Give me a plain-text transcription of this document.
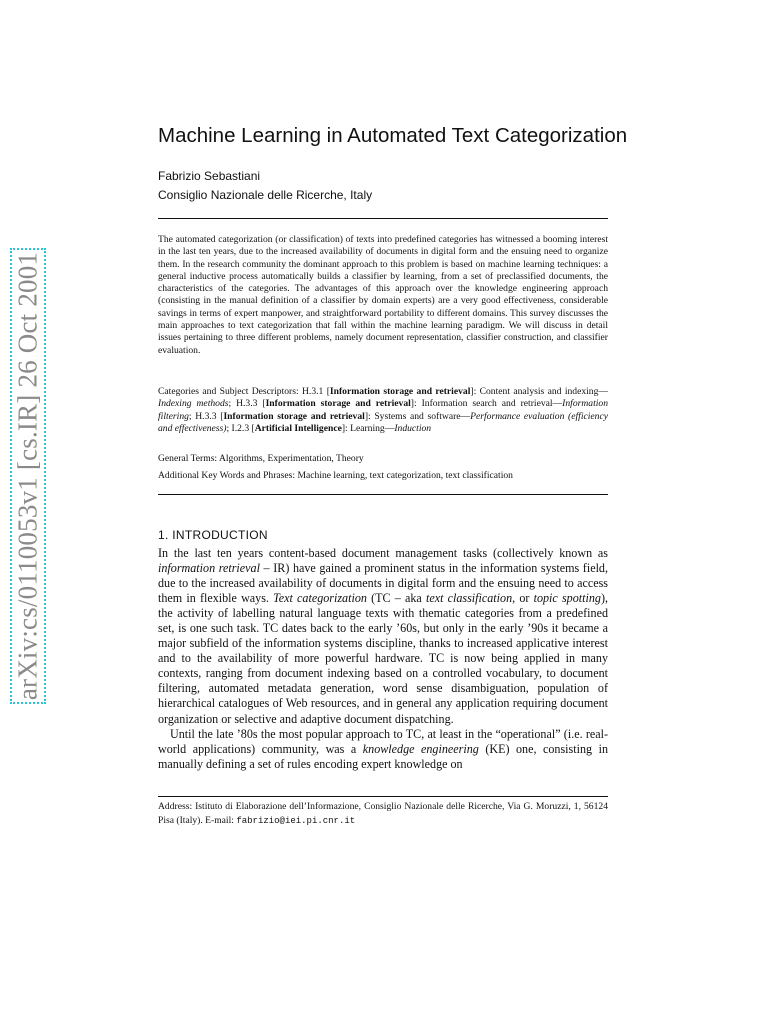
arXiv:cs/0110053v1 [cs.IR] 26 Oct 2001
Machine Learning in Automated Text Categorization
Fabrizio Sebastiani
Consiglio Nazionale delle Ricerche, Italy
The automated categorization (or classification) of texts into predefined categories has witnessed a booming interest in the last ten years, due to the increased availability of documents in digital form and the ensuing need to organize them. In the research community the dominant approach to this problem is based on machine learning techniques: a general inductive process automatically builds a classifier by learning, from a set of preclassified documents, the characteristics of the categories. The advantages of this approach over the knowledge engineering approach (consisting in the manual definition of a classifier by domain experts) are a very good effectiveness, considerable savings in terms of expert manpower, and straightforward portability to different domains. This survey discusses the main approaches to text categorization that fall within the machine learning paradigm. We will discuss in detail issues pertaining to three different problems, namely document representation, classifier construction, and classifier evaluation.
Categories and Subject Descriptors: H.3.1 [Information storage and retrieval]: Content analysis and indexing—Indexing methods; H.3.3 [Information storage and retrieval]: Information search and retrieval—Information filtering; H.3.3 [Information storage and retrieval]: Systems and software—Performance evaluation (efficiency and effectiveness); I.2.3 [Artificial Intelligence]: Learning—Induction
General Terms: Algorithms, Experimentation, Theory
Additional Key Words and Phrases: Machine learning, text categorization, text classification
1. INTRODUCTION

In the last ten years content-based document management tasks (collectively known as information retrieval – IR) have gained a prominent status in the information systems field, due to the increased availability of documents in digital form and the ensuing need to access them in flexible ways. Text categorization (TC – aka text classification, or topic spotting), the activity of labelling natural language texts with thematic categories from a predefined set, is one such task. TC dates back to the early ’60s, but only in the early ’90s it became a major subfield of the information systems discipline, thanks to increased applicative interest and to the availability of more powerful hardware. TC is now being applied in many contexts, ranging from document indexing based on a controlled vocabulary, to document filtering, automated metadata generation, word sense disambiguation, population of hierarchical catalogues of Web resources, and in general any application requiring document organization or selective and adaptive document dispatching.

Until the late ’80s the most popular approach to TC, at least in the “operational” (i.e. real-world applications) community, was a knowledge engineering (KE) one, consisting in manually defining a set of rules encoding expert knowledge on

Address: Istituto di Elaborazione dell’Informazione, Consiglio Nazionale delle Ricerche, Via G. Moruzzi, 1, 56124 Pisa (Italy). E-mail: fabrizio@iei.pi.cnr.it
